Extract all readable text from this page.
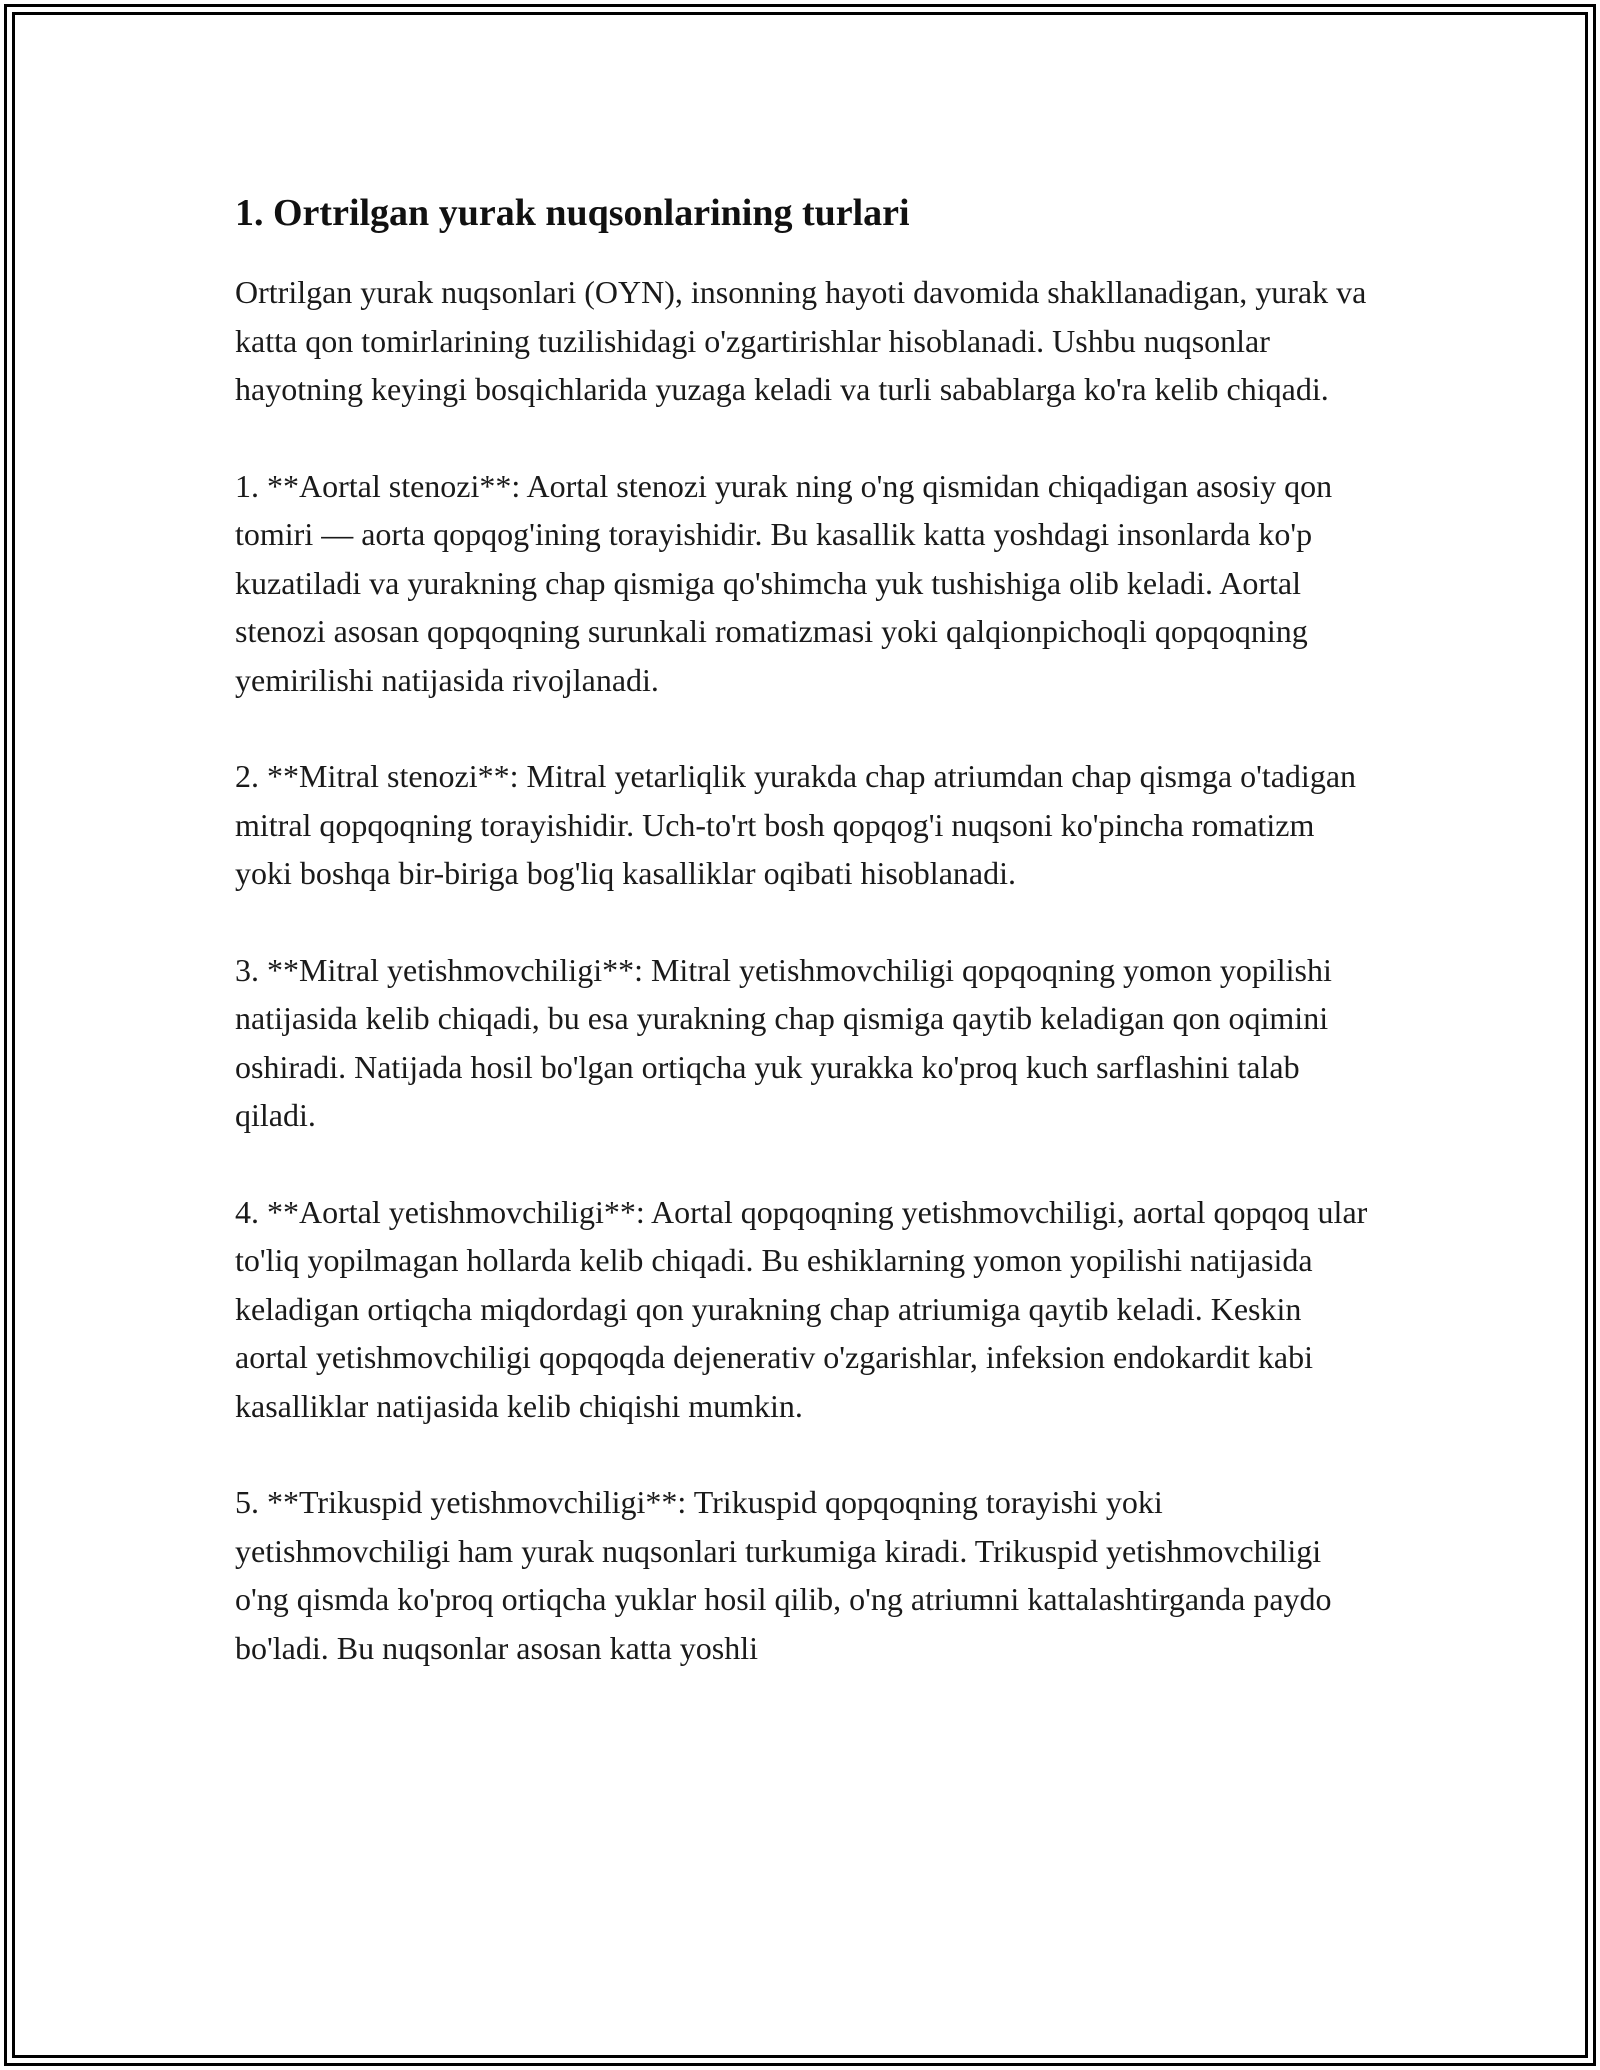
1. Ortrilgan yurak nuqsonlarining turlari

Ortrilgan yurak nuqsonlari (OYN), insonning hayoti davomida shakllanadigan, yurak va katta qon tomirlarining tuzilishidagi o'zgartirishlar hisoblanadi. Ushbu nuqsonlar hayotning keyingi bosqichlarida yuzaga keladi va turli sabablarga ko'ra kelib chiqadi.

1. **Aortal stenozi**: Aortal stenozi yurak ning o'ng qismidan chiqadigan asosiy qon tomiri — aorta qopqog'ining torayishidir. Bu kasallik katta yoshdagi insonlarda ko'p kuzatiladi va yurakning chap qismiga qo'shimcha yuk tushishiga olib keladi. Aortal stenozi asosan qopqoqning surunkali romatizmasi yoki qalqionpichoqli qopqoqning yemirilishi natijasida rivojlanadi.

2. **Mitral stenozi**: Mitral yetarliqlik yurakda chap atriumdan chap qismga o'tadigan mitral qopqoqning torayishidir. Uch-to'rt bosh qopqog'i nuqsoni ko'pincha romatizm yoki boshqa bir-biriga bog'liq kasalliklar oqibati hisoblanadi.

3. **Mitral yetishmovchiligi**: Mitral yetishmovchiligi qopqoqning yomon yopilishi natijasida kelib chiqadi, bu esa yurakning chap qismiga qaytib keladigan qon oqimini oshiradi. Natijada hosil bo'lgan ortiqcha yuk yurakka ko'proq kuch sarflashini talab qiladi.

4. **Aortal yetishmovchiligi**: Aortal qopqoqning yetishmovchiligi, aortal qopqoq ular to'liq yopilmagan hollarda kelib chiqadi. Bu eshiklarning yomon yopilishi natijasida keladigan ortiqcha miqdordagi qon yurakning chap atriumiga qaytib keladi. Keskin aortal yetishmovchiligi qopqoqda dejenerativ o'zgarishlar, infeksion endokardit kabi kasalliklar natijasida kelib chiqishi mumkin.

5. **Trikuspid yetishmovchiligi**: Trikuspid qopqoqning torayishi yoki yetishmovchiligi ham yurak nuqsonlari turkumiga kiradi. Trikuspid yetishmovchiligi o'ng qismda ko'proq ortiqcha yuklar hosil qilib, o'ng atriumni kattalashtirganda paydo bo'ladi. Bu nuqsonlar asosan katta yoshli
